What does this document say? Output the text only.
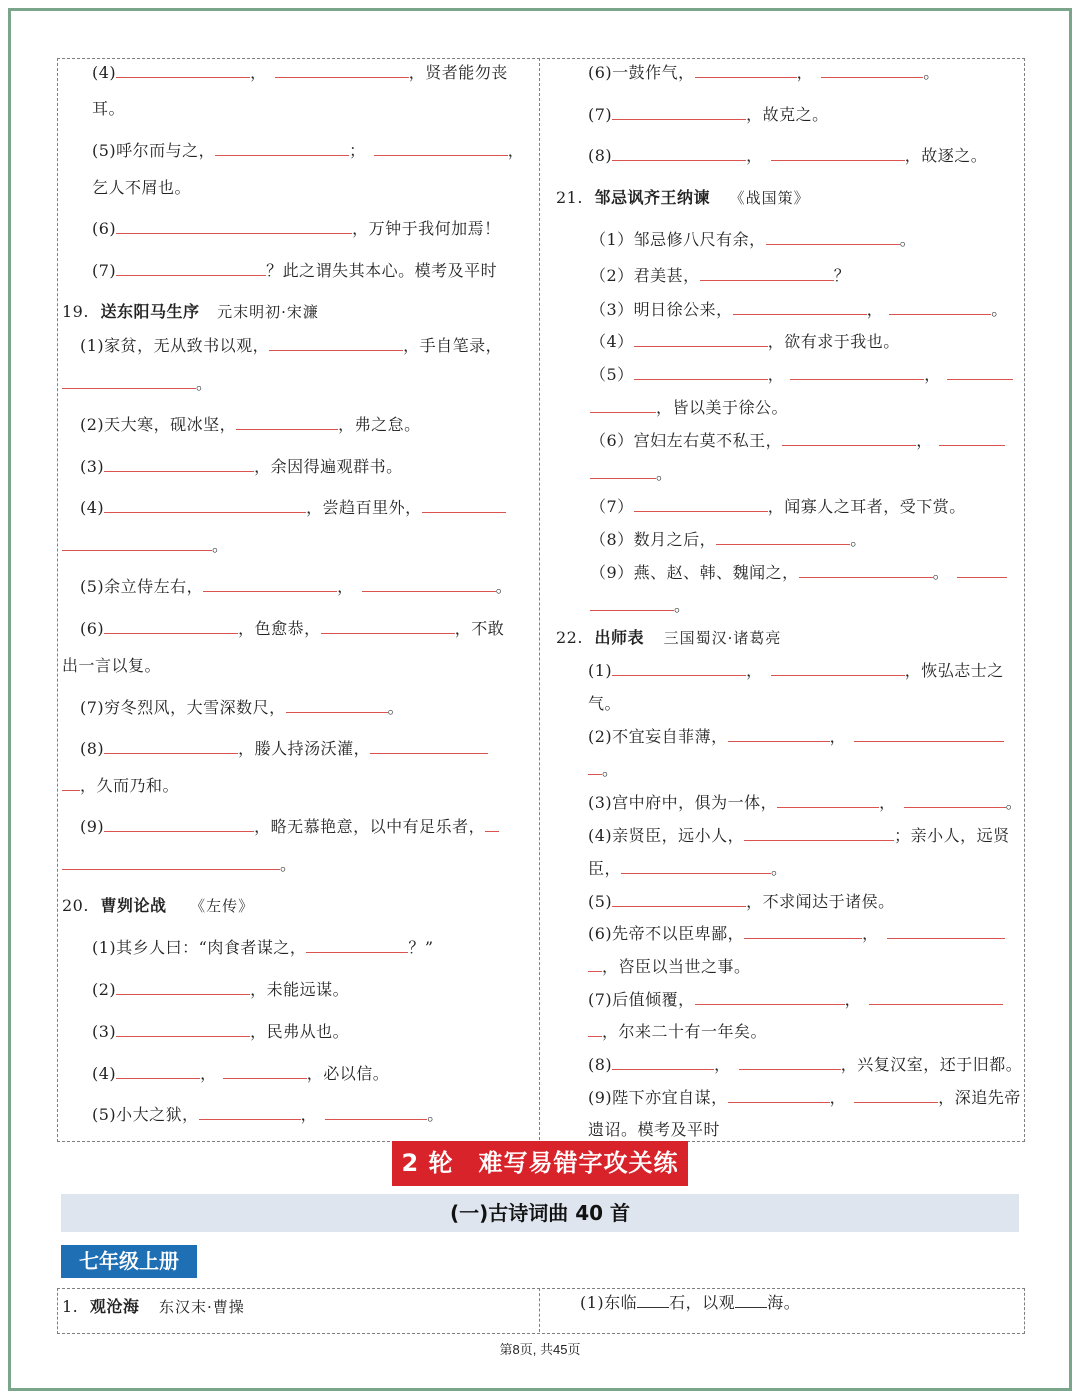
(4)	，	，贤者能勿丧
耳。
(5)呼尔而与之，	；	，
乞人不屑也。
(6)	，万钟于我何加焉！
(7)	？此之谓失其本心。模考及平时
19. 送东阳马生序 元末明初·宋濂
(1)家贫，无从致书以观，	，手自笔录，
。
(2)天大寒，砚冰坚，	，弗之怠。
(3)	，余因得遍观群书。
(4)	，尝趋百里外，
。
(5)余立侍左右，	，	。
(6)	，色愈恭，	，不敢
出一言以复。
(7)穷冬烈风，大雪深数尺，	。
(8)	，媵人持汤沃灌，
，久而乃和。
(9)	，略无慕艳意，以中有足乐者，
。
20. 曹刿论战 《左传》
(1)其乡人曰：“肉食者谋之，	？”
(2)	，未能远谋。
(3)	，民弗从也。
(4)	，	，必以信。
(5)小大之狱，	，	。
(6)一鼓作气，	，	。
(7)	，故克之。
(8)	，	，故逐之。
21. 邹忌讽齐王纳谏 《战国策》
（1）邹忌修八尺有余，	。
（2）君美甚，	？
（3）明日徐公来，	，	。
（4）	，欲有求于我也。
（5）	，	，
，皆以美于徐公。
（6）宫妇左右莫不私王，	，
。
（7）	，闻寡人之耳者，受下赏。
（8）数月之后，	。
（9）燕、赵、韩、魏闻之，	。
。
22. 出师表 三国蜀汉·诸葛亮
(1)	，	，恢弘志士之
气。
(2)不宜妄自菲薄，	，
。
(3)宫中府中，俱为一体，	，	。
(4)亲贤臣，远小人，	；亲小人，远贤
臣，	。
(5)	，不求闻达于诸侯。
(6)先帝不以臣卑鄙，	，
，咨臣以当世之事。
(7)后值倾覆，	，
，尔来二十有一年矣。
(8)	，	，兴复汉室，还于旧都。
(9)陛下亦宜自谋，	，	，深追先帝
遗诏。模考及平时
2 轮　难写易错字攻关练
(一)古诗词曲 40 首
七年级上册
1. 观沧海 东汉末·曹操	(1)东临 石，以观 海。
第8页, 共45页
